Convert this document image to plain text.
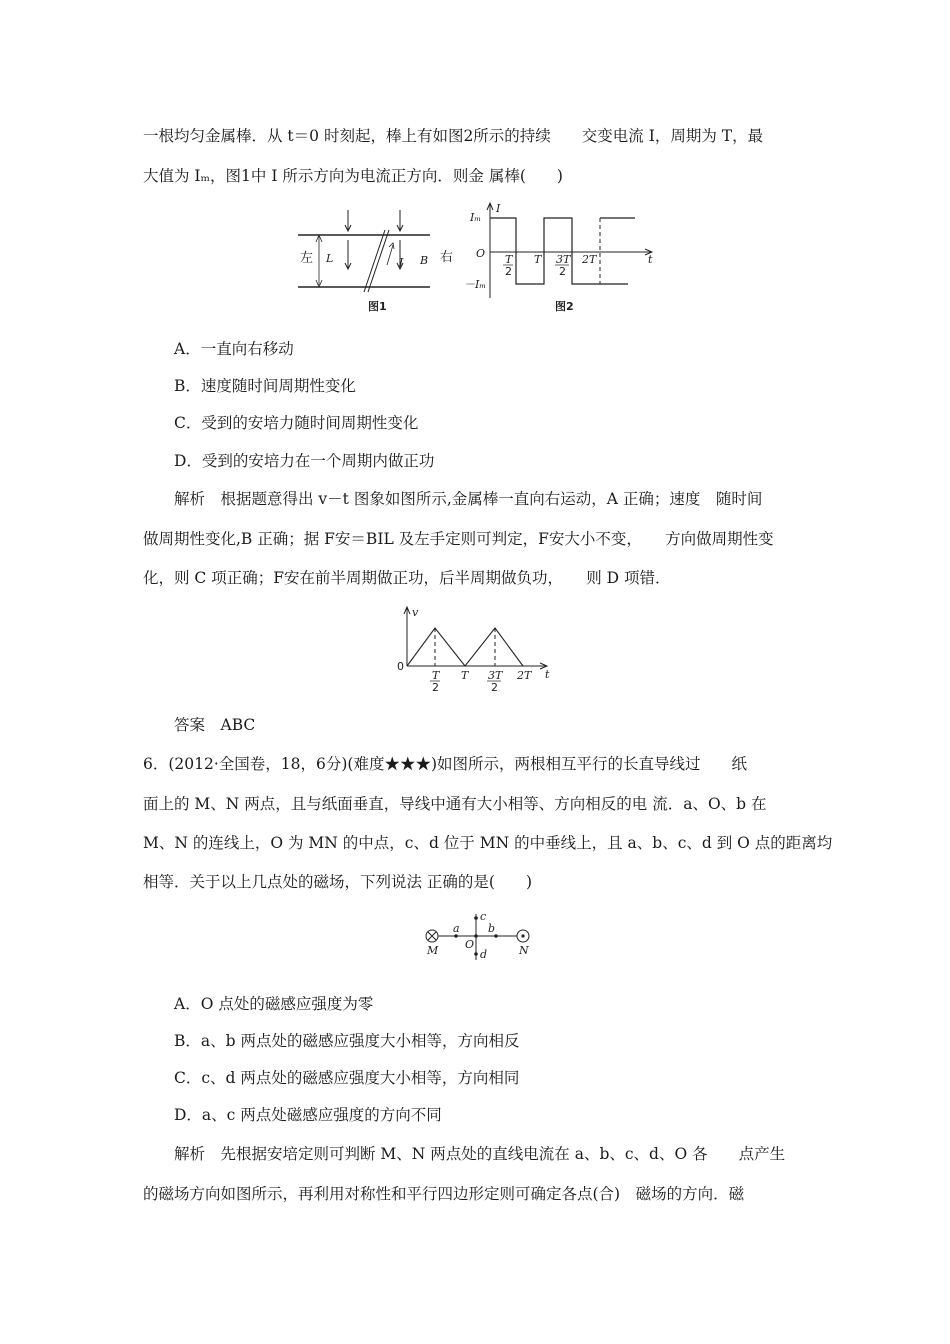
一根均匀金属棒．从 t＝0 时刻起，棒上有如图2所示的持续　　交变电流 I，周期为 T，最
大值为 Iₘ，图1中 I 所示方向为电流正方向．则金 属棒(　　)
左 L	I B 右
图1
Iₘ
I
O
－Iₘ
T
2
T 3T
2
2T	t
图2
A．一直向右移动
B．速度随时间周期性变化
C．受到的安培力随时间周期性变化
D．受到的安培力在一个周期内做正功
解析　根据题意得出 v－t 图象如图所示,金属棒一直向右运动，A 正确；速度　随时间
做周期性变化,B 正确；据 F安＝BIL 及左手定则可判定，F安大小不变，　　方向做周期性变
化，则 C 项正确；F安在前半周期做正功，后半周期做负功，　　则 D 项错．
v
0
T
2
T 3T
2
2T t
答案　ABC
6．(2012·全国卷，18，6分)(难度★★★)如图所示，两根相互平行的长直导线过　　纸
面上的 M、N 两点，且与纸面垂直，导线中通有大小相等、方向相反的电 流．a、O、b 在
M、N 的连线上，O 为 MN 的中点，c、d 位于 MN 的中垂线上，且 a、b、c、d 到 O 点的距离均
相等．关于以上几点处的磁场，下列说法 正确的是(　　)
M	N
a	b
c
d
O
A．O 点处的磁感应强度为零
B．a、b 两点处的磁感应强度大小相等，方向相反
C．c、d 两点处的磁感应强度大小相等，方向相同
D．a、c 两点处磁感应强度的方向不同
解析　先根据安培定则可判断 M、N 两点处的直线电流在 a、b、c、d、O 各　　点产生
的磁场方向如图所示，再利用对称性和平行四边形定则可确定各点(合)　磁场的方向．磁
